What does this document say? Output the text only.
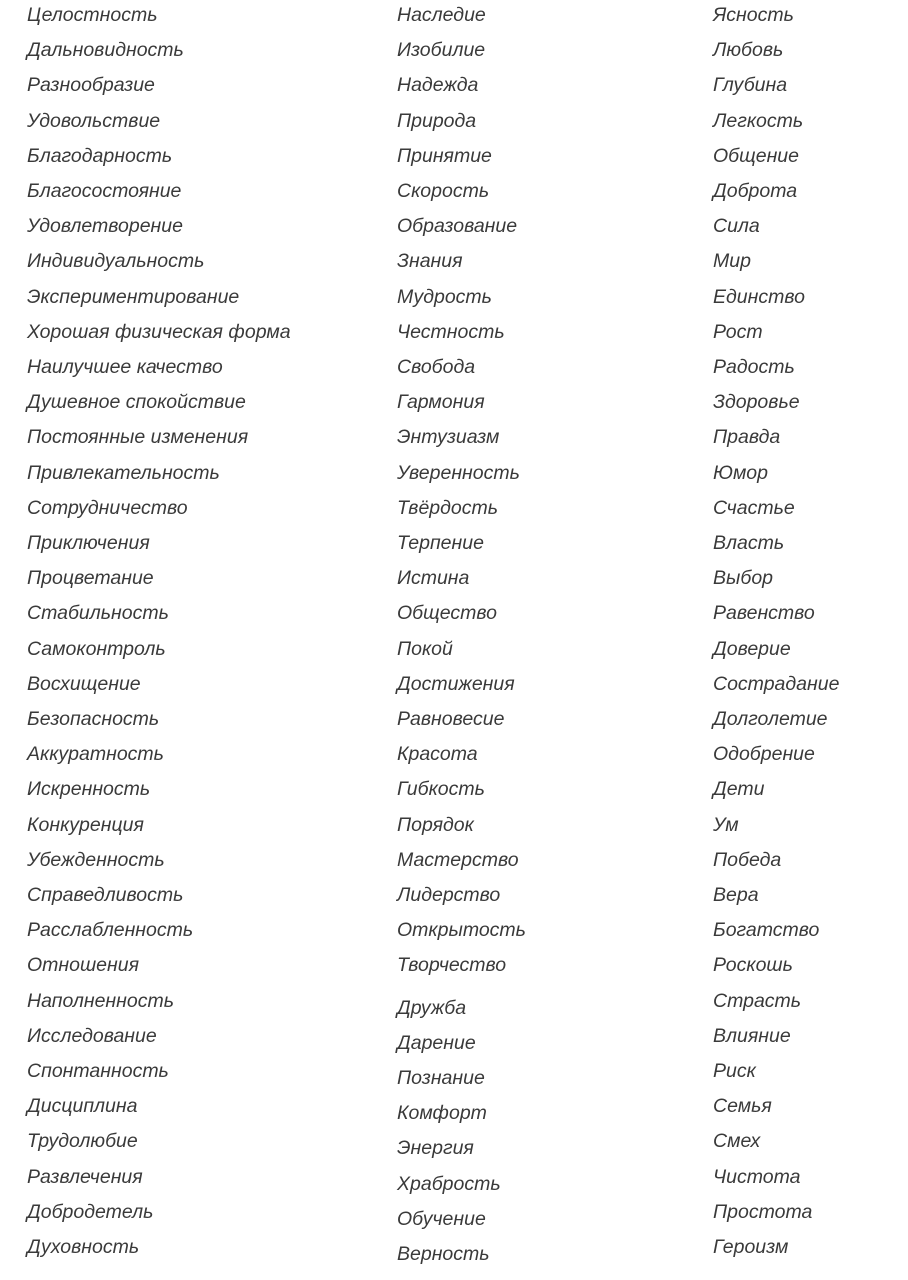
Целостность
Дальновидность
Разнообразие
Удовольствие
Благодарность
Благосостояние
Удовлетворение
Индивидуальность
Экспериментирование
Хорошая физическая форма
Наилучшее качество
Душевное спокойствие
Постоянные изменения
Привлекательность
Сотрудничество
Приключения
Процветание
Стабильность
Самоконтроль
Восхищение
Безопасность
Аккуратность
Искренность
Конкуренция
Убежденность
Справедливость
Расслабленность
Отношения
Наполненность
Исследование
Спонтанность
Дисциплина
Трудолюбие
Развлечения
Добродетель
Духовность
Наследие
Изобилие
Надежда
Природа
Принятие
Скорость
Образование
Знания
Мудрость
Честность
Свобода
Гармония
Энтузиазм
Уверенность
Твёрдость
Терпение
Истина
Общество
Покой
Достижения
Равновесие
Красота
Гибкость
Порядок
Мастерство
Лидерство
Открытость
Творчество
Дружба
Дарение
Познание
Комфорт
Энергия
Храбрость
Обучение
Верность
Ясность
Любовь
Глубина
Легкость
Общение
Доброта
Сила
Мир
Единство
Рост
Радость
Здоровье
Правда
Юмор
Счастье
Власть
Выбор
Равенство
Доверие
Сострадание
Долголетие
Одобрение
Дети
Ум
Победа
Вера
Богатство
Роскошь
Страсть
Влияние
Риск
Семья
Смех
Чистота
Простота
Героизм
